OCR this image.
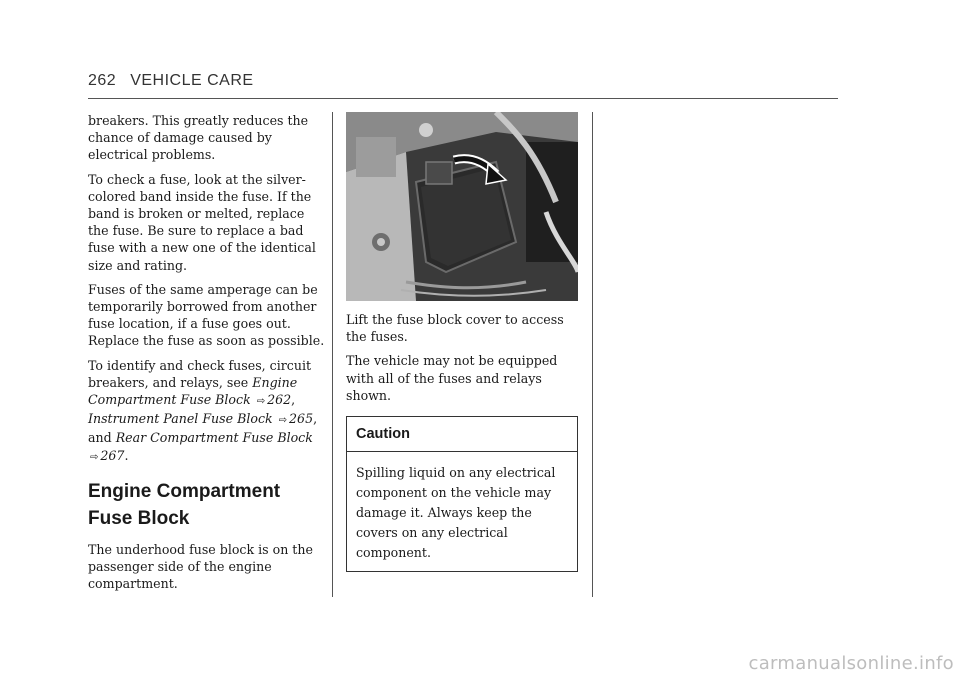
262 VEHICLE CARE

breakers. This greatly reduces the chance of damage caused by electrical problems.

To check a fuse, look at the silver-colored band inside the fuse. If the band is broken or melted, replace the fuse. Be sure to replace a bad fuse with a new one of the identical size and rating.

Fuses of the same amperage can be temporarily borrowed from another fuse location, if a fuse goes out. Replace the fuse as soon as possible.

To identify and check fuses, circuit breakers, and relays, see Engine Compartment Fuse Block ⇨ 262, Instrument Panel Fuse Block ⇨ 265, and Rear Compartment Fuse Block ⇨ 267.

Engine Compartment Fuse Block

The underhood fuse block is on the passenger side of the engine compartment.

Lift the fuse block cover to access the fuses.

The vehicle may not be equipped with all of the fuses and relays shown.

Caution
Spilling liquid on any electrical component on the vehicle may damage it. Always keep the covers on any electrical component.
carmanualsonline.info
